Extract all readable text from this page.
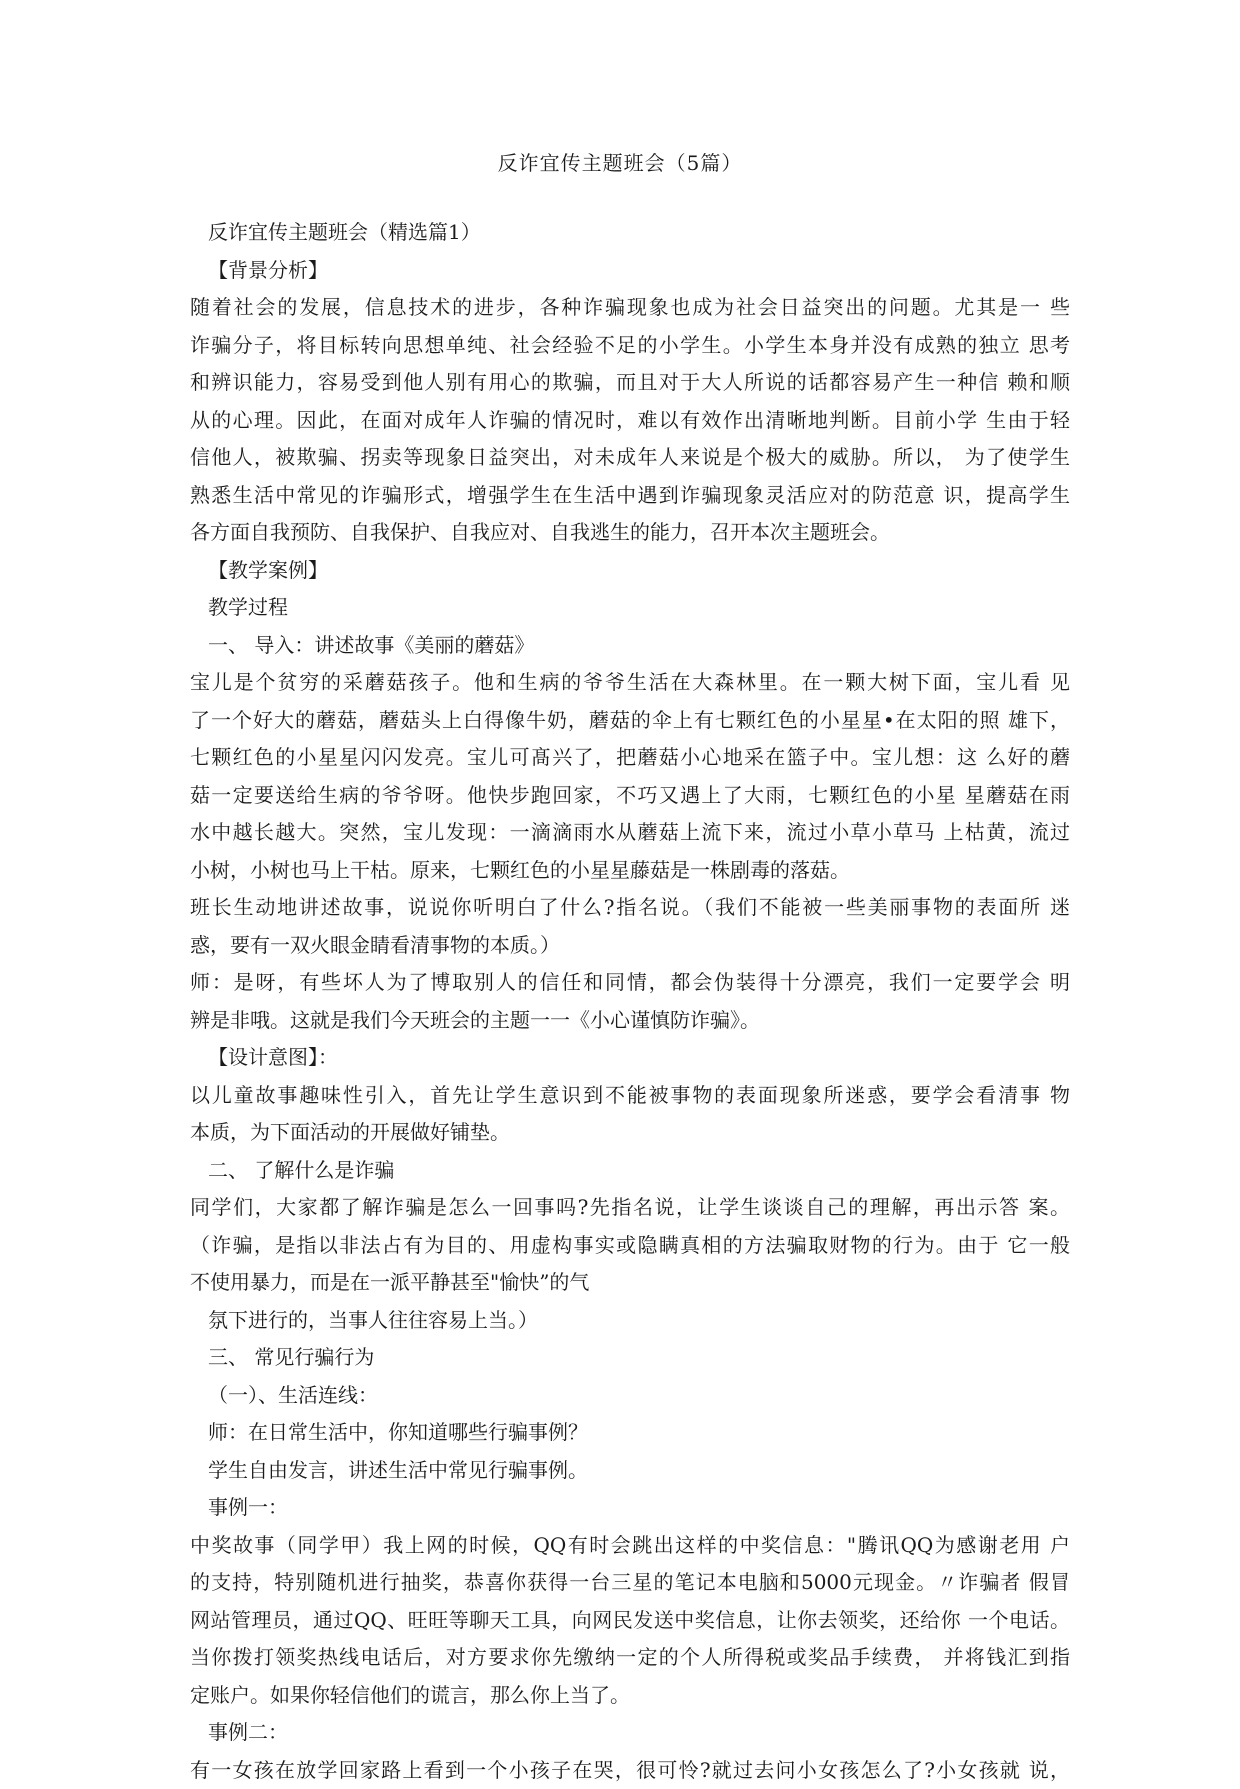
反诈宜传主题班会（5篇）
反诈宜传主题班会（精选篇1）
【背景分析】
随着社会的发展，信息技术的进步，各种诈骗现象也成为社会日益突出的问题。尤其是一 些
诈骗分子，将目标转向思想单纯、社会经验不足的小学生。小学生本身并没有成熟的独立 思考
和辨识能力，容易受到他人别有用心的欺骗，而且对于大人所说的话都容易产生一种信 赖和顺
从的心理。因此，在面对成年人诈骗的情况时，难以有效作出清晰地判断。目前小学 生由于轻
信他人，被欺骗、拐卖等现象日益突出，对未成年人来说是个极大的威胁。所以， 为了使学生
熟悉生活中常见的诈骗形式，增强学生在生活中遇到诈骗现象灵活应对的防范意 识，提高学生
各方面自我预防、自我保护、自我应对、自我逃生的能力，召开本次主题班会。
【教学案例】
教学过程
一、 导入：讲述故事《美丽的蘑菇》
宝儿是个贫穷的采蘑菇孩子。他和生病的爷爷生活在大森林里。在一颗大树下面，宝儿看 见
了一个好大的蘑菇，蘑菇头上白得像牛奶，蘑菇的伞上有七颗红色的小星星•在太阳的照 雄下，
七颗红色的小星星闪闪发亮。宝儿可髙兴了，把蘑菇小心地采在篮子中。宝儿想：这 么好的蘑
菇一定要送给生病的爷爷呀。他快步跑回家，不巧又遇上了大雨，七颗红色的小星 星蘑菇在雨
水中越长越大。突然，宝儿发现：一滴滴雨水从蘑菇上流下来，流过小草小草马 上枯黄，流过
小树，小树也马上干枯。原来，七颗红色的小星星藤菇是一株剧毒的落菇。
班长生动地讲述故事，说说你听明白了什么?指名说。（我们不能被一些美丽事物的表面所 迷
惑，要有一双火眼金睛看清事物的本质。）
师：是呀，有些坏人为了博取别人的信任和同情，都会伪装得十分漂亮，我们一定要学会 明
辨是非哦。这就是我们今天班会的主题一一《小心谨慎防诈骗》。
【设计意图】：
以儿童故事趣味性引入，首先让学生意识到不能被事物的表面现象所迷惑，要学会看清事 物
本质，为下面活动的开展做好铺垫。
二、 了解什么是诈骗
同学们，大家都了解诈骗是怎么一回事吗?先指名说，让学生谈谈自己的理解，再出示答 案。
（诈骗，是指以非法占有为目的、用虚构事实或隐瞒真相的方法骗取财物的行为。由于 它一般
不使用暴力，而是在一派平静甚至"愉快”的气
氛下进行的，当事人往往容易上当。）
三、 常见行骗行为
（一）、生活连线：
师：在日常生活中，你知道哪些行骗事例？
学生自由发言，讲述生活中常见行骗事例。
事例一：
中奖故事（同学甲）我上网的时候，QQ有时会跳出这样的中奖信息："腾讯QQ为感谢老用 户
的支持，特别随机进行抽奖，恭喜你获得一台三星的笔记本电脑和5000元现金。〃诈骗者 假冒
网站管理员，通过QQ、旺旺等聊天工具，向网民发送中奖信息，让你去领奖，还给你 一个电话。
当你拨打领奖热线电话后，对方要求你先缴纳一定的个人所得税或奖品手续费， 并将钱汇到指
定账户。如果你轻信他们的谎言，那么你上当了。
事例二：
有一女孩在放学回家路上看到一个小孩子在哭，很可怜?就过去问小女孩怎么了?小女孩就 说，
